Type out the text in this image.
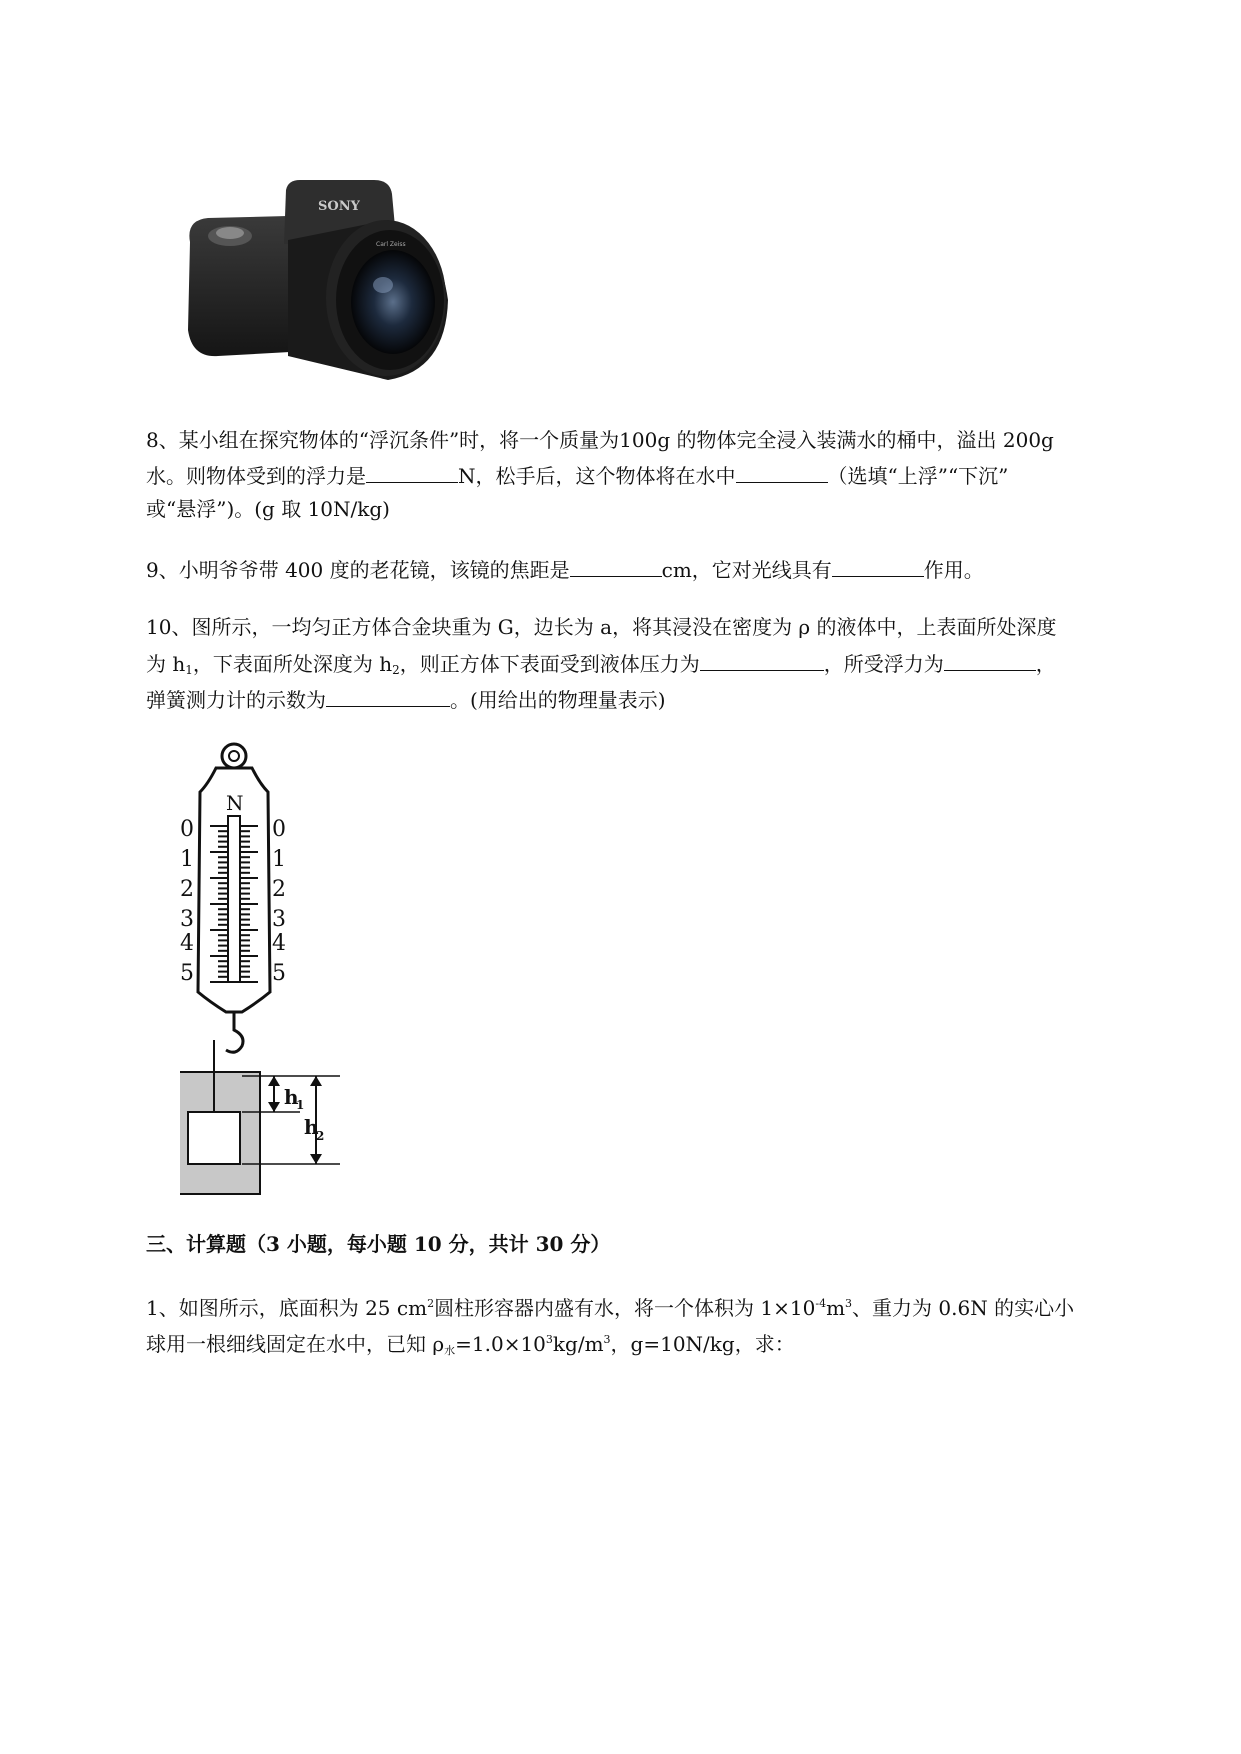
SONY
Carl Zeiss
8、某小组在探究物体的“浮沉条件”时，将一个质量为100g 的物体完全浸入装满水的桶中，溢出 200g
水。则物体受到的浮力是	N，松手后，这个物体将在水中	（选填“上浮”“下沉”
或“悬浮”)。(g 取 10N/kg)
9、小明爷爷带 400 度的老花镜，该镜的焦距是	cm，它对光线具有	作用。
10、图所示，一均匀正方体合金块重为 G，边长为 a，将其浸没在密度为 ρ 的液体中，上表面所处深度
为 $h_1$，下表面所处深度为 $h_2$，则正方体下表面受到液体压力为	，所受浮力为	，
弹簧测力计的示数为	。(用给出的物理量表示)
N
0
1
2
3
4
5
0
1
2
3
4
5
h
1
h
2
三、计算题（3 小题，每小题 10 分，共计 30 分）
1、如图所示，底面积为 25 $cm^2$圆柱形容器内盛有水，将一个体积为 $1\times 10^{-4}m^3$、重力为 0.6N 的实心小
球用一根细线固定在水中，已知 ρ水$=1.0\times 10^3kg/m^3$，g=10N/kg，求：
